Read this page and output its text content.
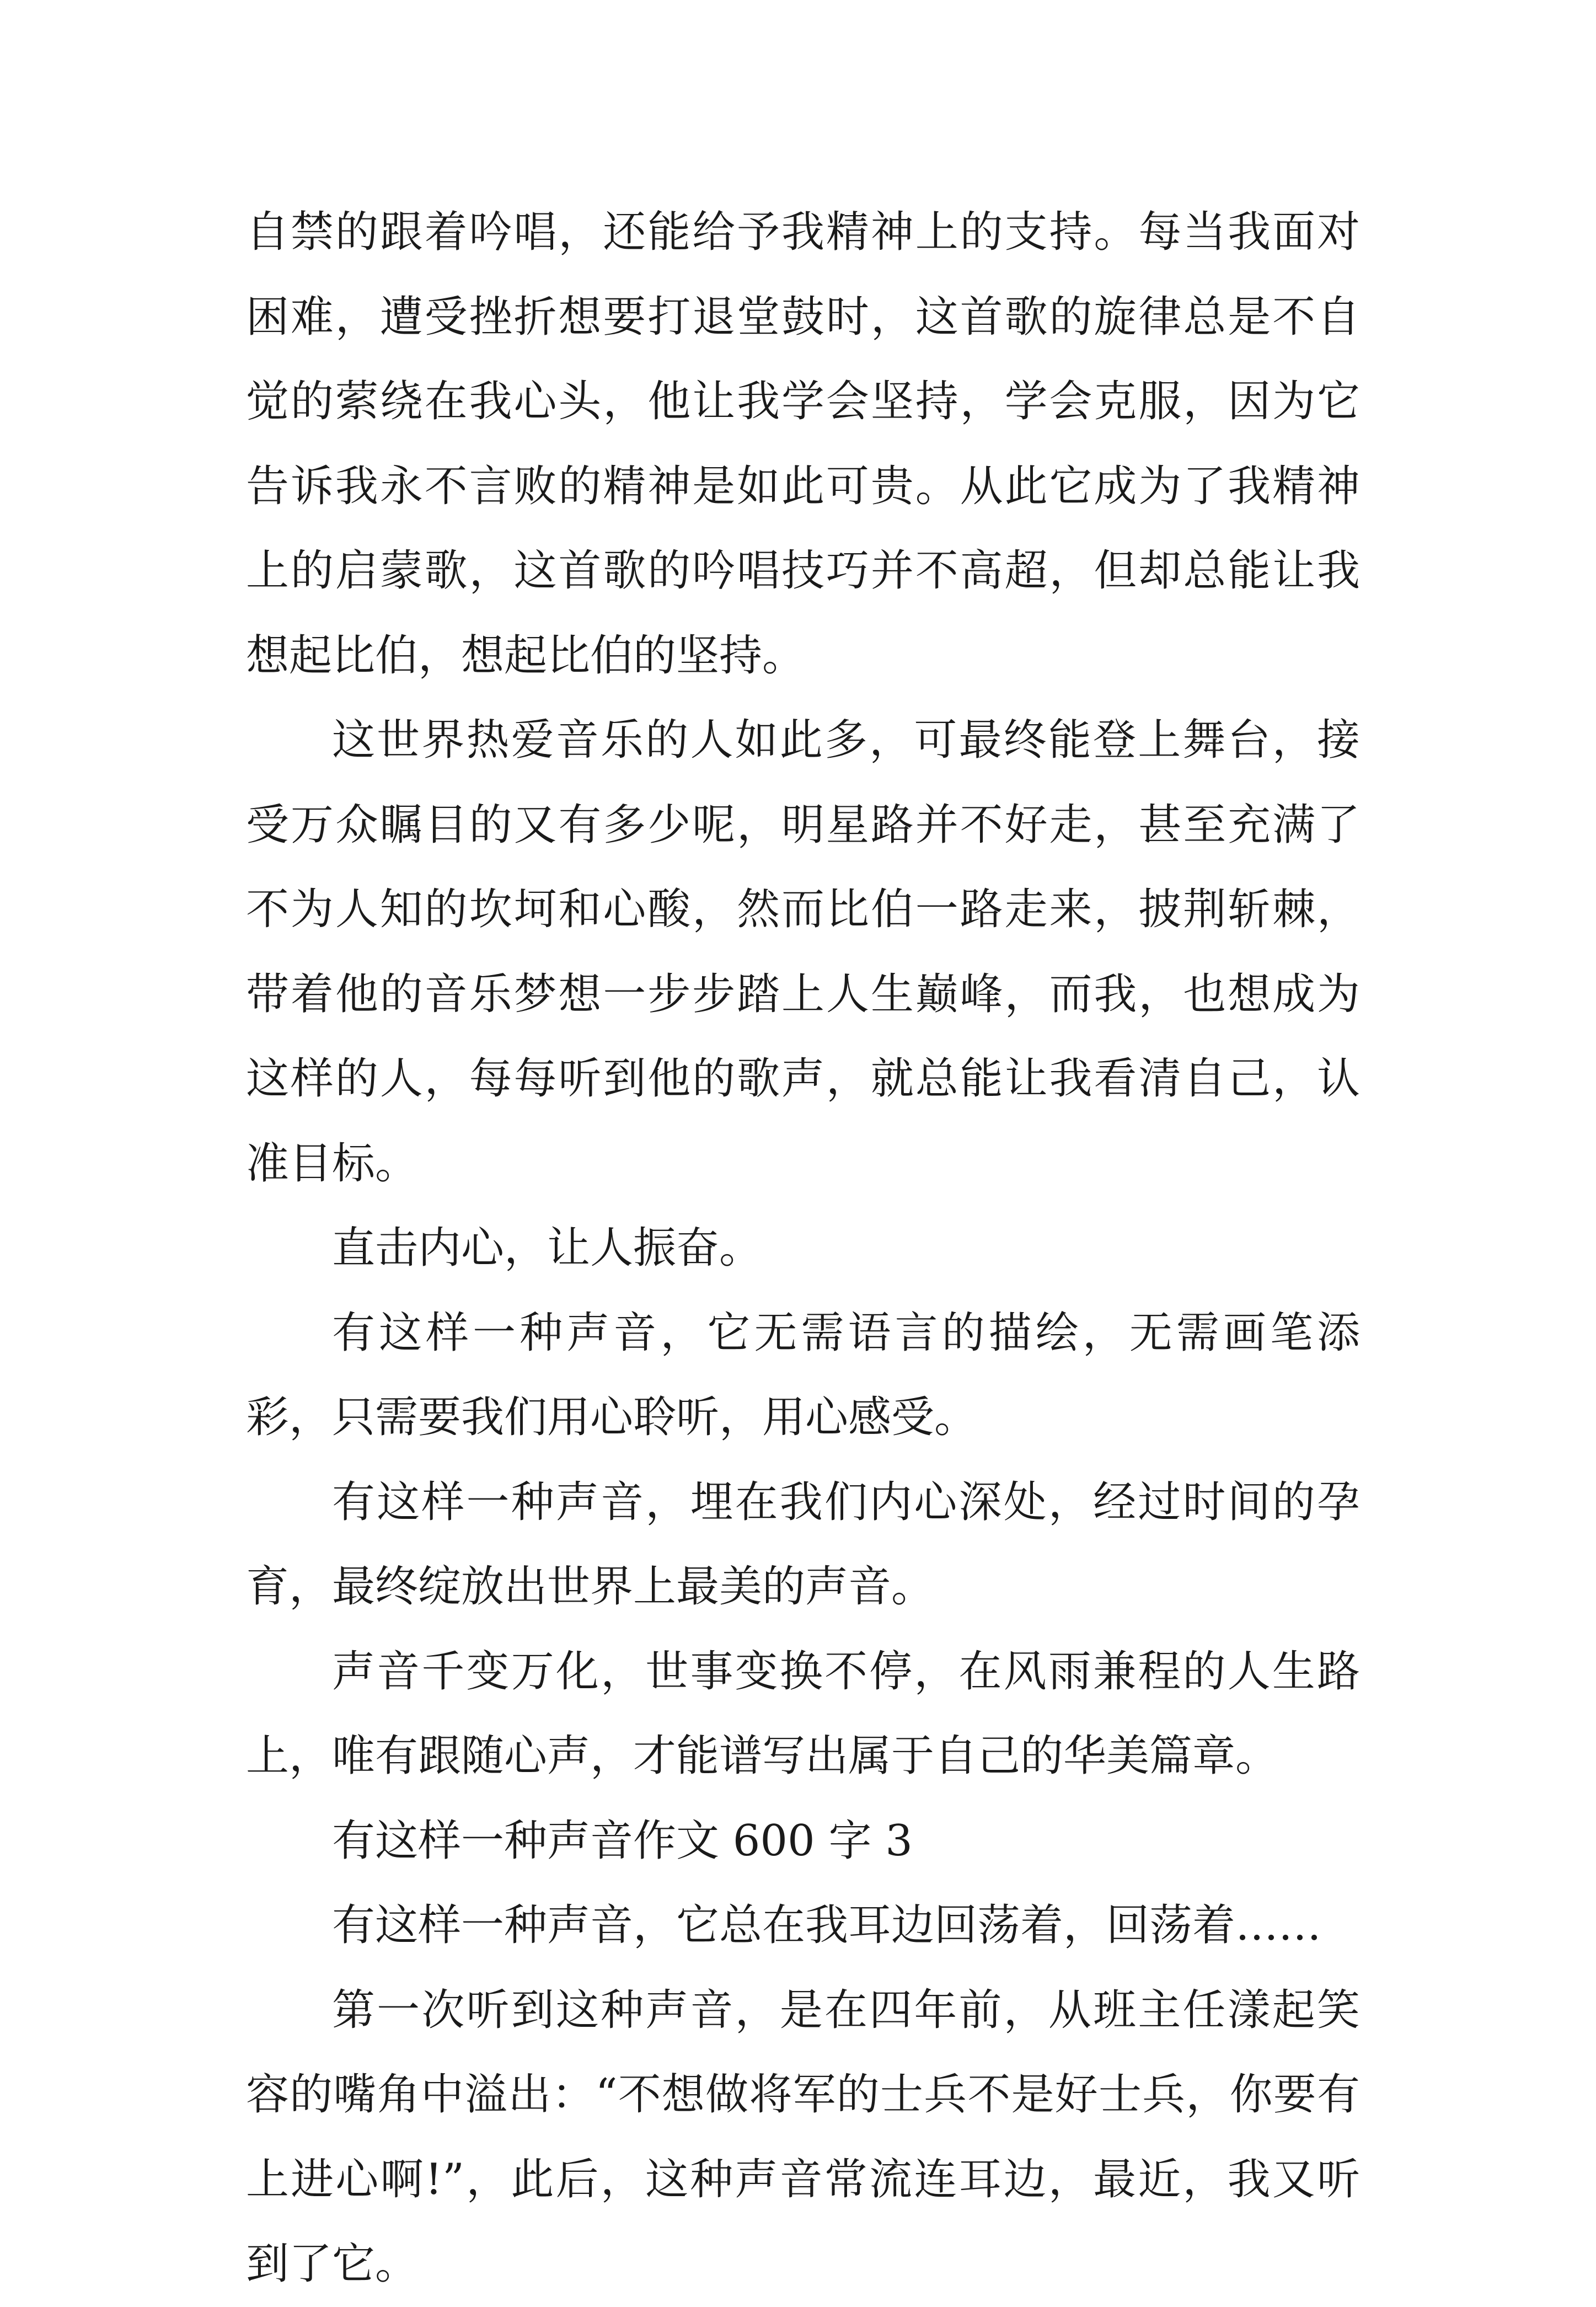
自禁的跟着吟唱，还能给予我精神上的支持。每当我面对困难，遭受挫折想要打退堂鼓时，这首歌的旋律总是不自觉的萦绕在我心头，他让我学会坚持，学会克服，因为它告诉我永不言败的精神是如此可贵。从此它成为了我精神上的启蒙歌，这首歌的吟唱技巧并不高超，但却总能让我想起比伯，想起比伯的坚持。

这世界热爱音乐的人如此多，可最终能登上舞台，接受万众瞩目的又有多少呢，明星路并不好走，甚至充满了不为人知的坎坷和心酸，然而比伯一路走来，披荆斩棘，带着他的音乐梦想一步步踏上人生巅峰，而我，也想成为这样的人，每每听到他的歌声，就总能让我看清自己，认准目标。

直击内心，让人振奋。

有这样一种声音，它无需语言的描绘，无需画笔添彩，只需要我们用心聆听，用心感受。

有这样一种声音，埋在我们内心深处，经过时间的孕育，最终绽放出世界上最美的声音。

声音千变万化，世事变换不停，在风雨兼程的人生路上，唯有跟随心声，才能谱写出属于自己的华美篇章。

有这样一种声音作文 600 字 3

有这样一种声音，它总在我耳边回荡着，回荡着……

第一次听到这种声音，是在四年前，从班主任漾起笑容的嘴角中溢出：“不想做将军的士兵不是好士兵，你要有上进心啊!”，此后，这种声音常流连耳边，最近，我又听到了它。
